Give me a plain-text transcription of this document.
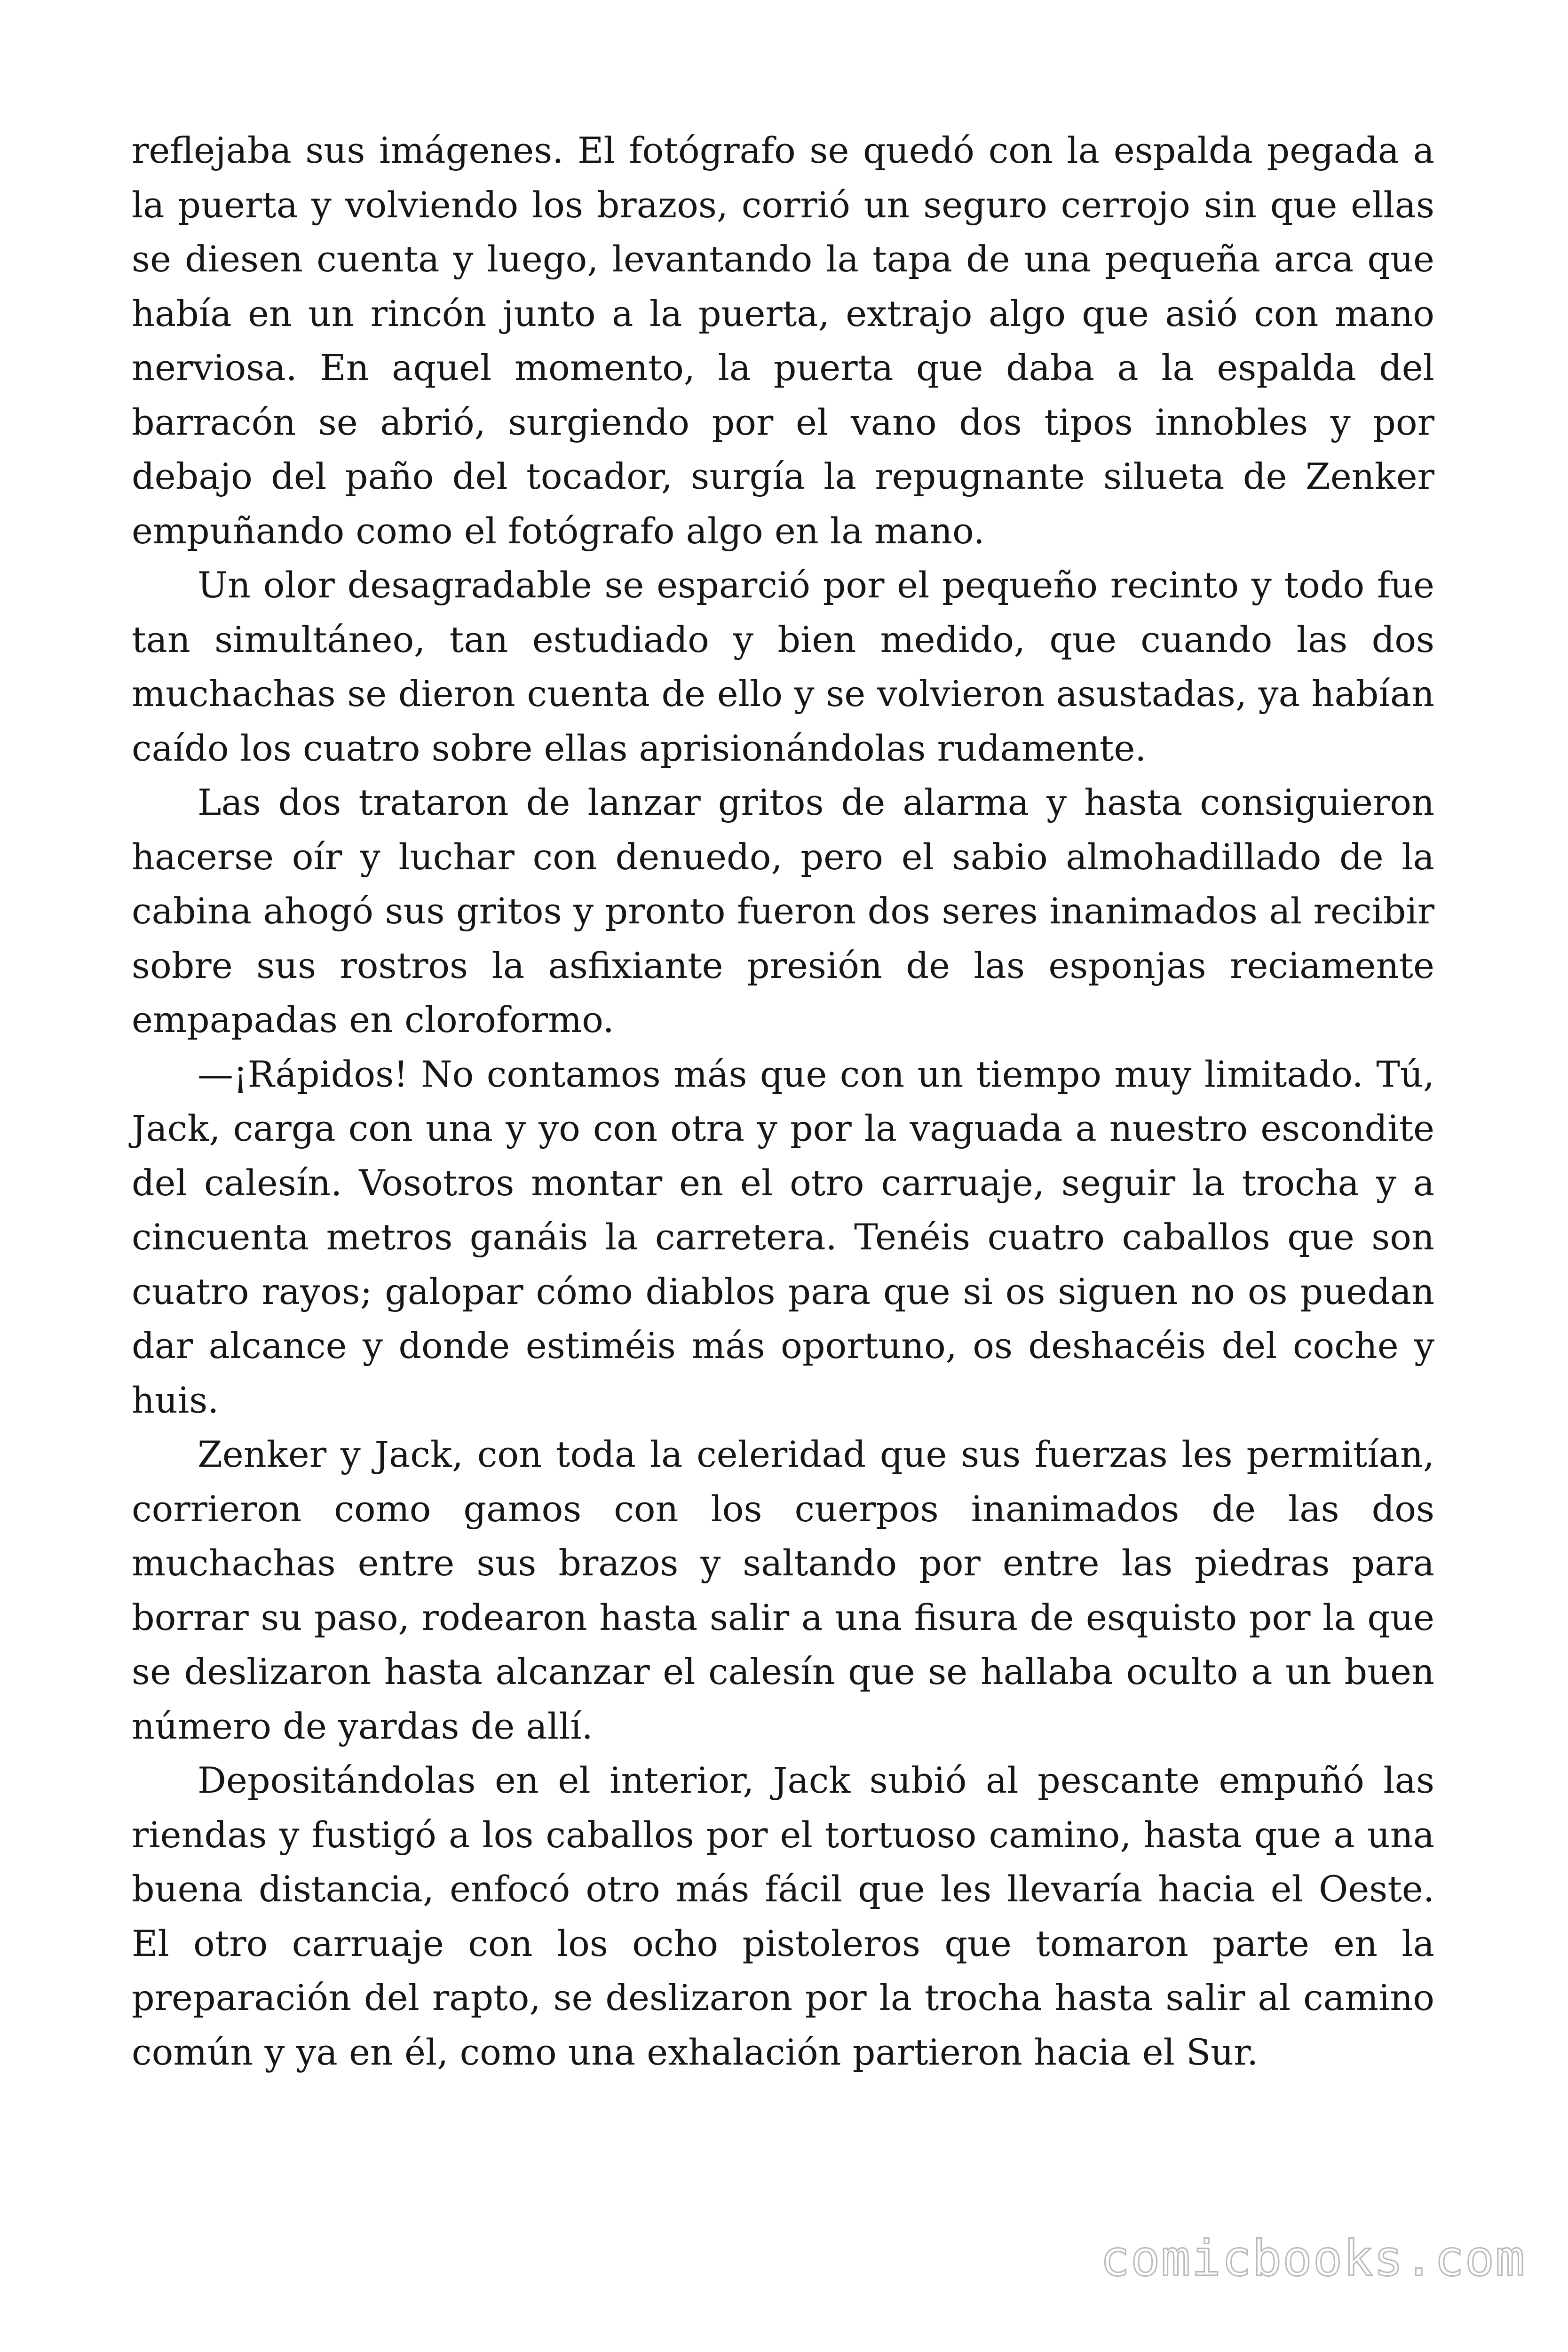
reflejaba sus imágenes. El fotógrafo se quedó con la espalda pegada a la puerta y volviendo los brazos, corrió un seguro cerrojo sin que ellas se diesen cuenta y luego, levantando la tapa de una pequeña arca que había en un rincón junto a la puerta, extrajo algo que asió con mano nerviosa. En aquel momento, la puerta que daba a la espalda del barracón se abrió, surgiendo por el vano dos tipos innobles y por debajo del paño del tocador, surgía la repugnante silueta de Zenker empuñando como el fotógrafo algo en la mano.

Un olor desagradable se esparció por el pequeño recinto y todo fue tan simultáneo, tan estudiado y bien medido, que cuando las dos muchachas se dieron cuenta de ello y se volvieron asustadas, ya habían caído los cuatro sobre ellas aprisionándolas rudamente.

Las dos trataron de lanzar gritos de alarma y hasta consiguieron hacerse oír y luchar con denuedo, pero el sabio almohadillado de la cabina ahogó sus gritos y pronto fueron dos seres inanimados al recibir sobre sus rostros la asfixiante presión de las esponjas reciamente empapadas en cloroformo.

—¡Rápidos! No contamos más que con un tiempo muy limitado. Tú, Jack, carga con una y yo con otra y por la vaguada a nuestro escondite del calesín. Vosotros montar en el otro carruaje, seguir la trocha y a cincuenta metros ganáis la carretera. Tenéis cuatro caballos que son cuatro rayos; galopar cómo diablos para que si os siguen no os puedan dar alcance y donde estiméis más oportuno, os deshacéis del coche y huis.

Zenker y Jack, con toda la celeridad que sus fuerzas les permitían, corrieron como gamos con los cuerpos inanimados de las dos muchachas entre sus brazos y saltando por entre las piedras para borrar su paso, rodearon hasta salir a una fisura de esquisto por la que se deslizaron hasta alcanzar el calesín que se hallaba oculto a un buen número de yardas de allí.

Depositándolas en el interior, Jack subió al pescante empuñó las riendas y fustigó a los caballos por el tortuoso camino, hasta que a una buena distancia, enfocó otro más fácil que les llevaría hacia el Oeste. El otro carruaje con los ocho pistoleros que tomaron parte en la preparación del rapto, se deslizaron por la trocha hasta salir al camino común y ya en él, como una exhalación partieron hacia el Sur.

comicbooks.com
